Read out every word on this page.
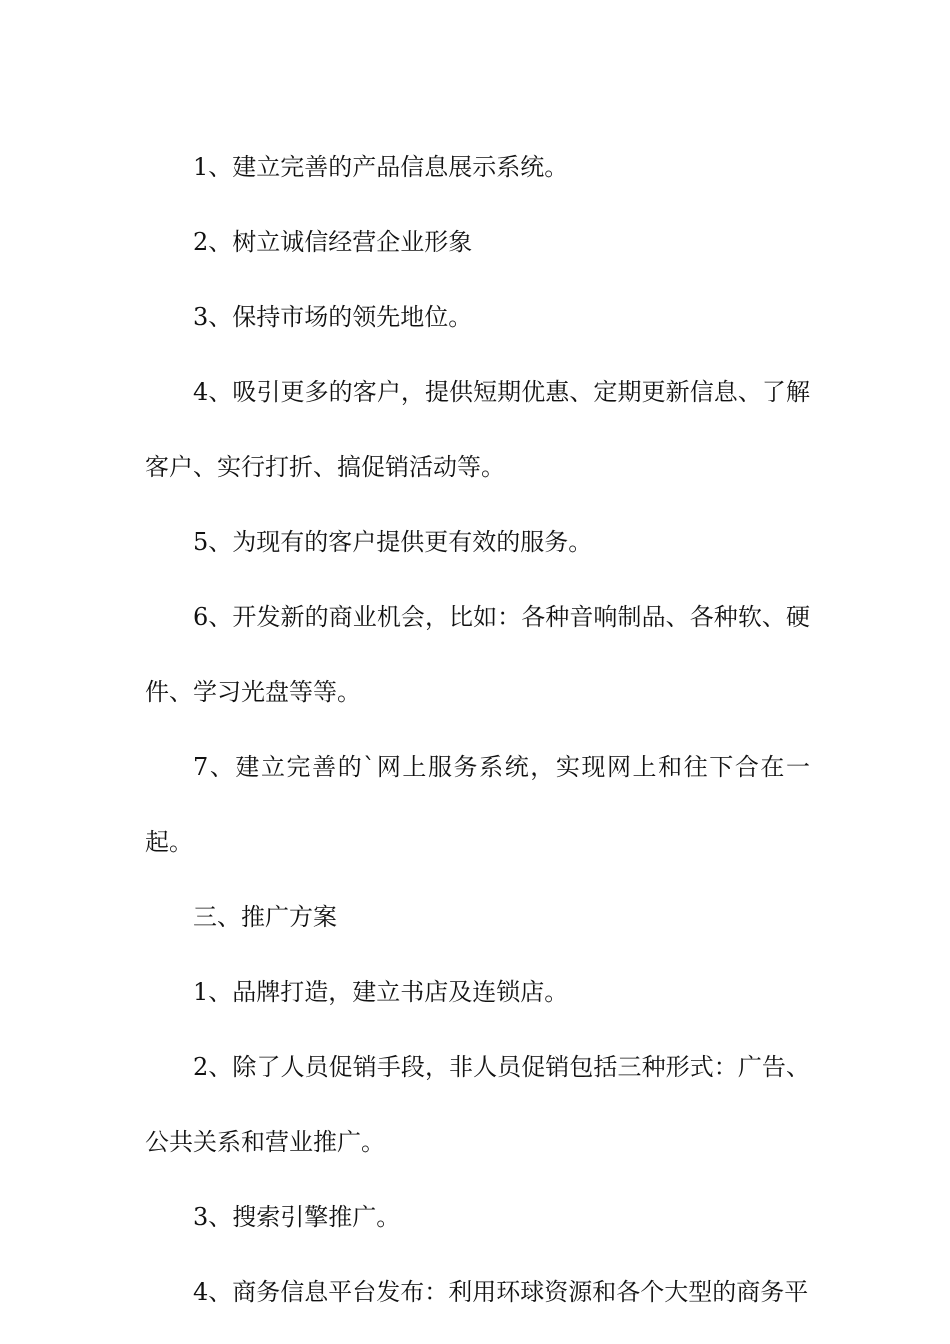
1、建立完善的产品信息展示系统。

2、树立诚信经营企业形象

3、保持市场的领先地位。

4、吸引更多的客户，提供短期优惠、定期更新信息、了解客户、实行打折、搞促销活动等。

5、为现有的客户提供更有效的服务。

6、开发新的商业机会，比如：各种音响制品、各种软、硬件、学习光盘等等。

7、建立完善的`网上服务系统，实现网上和往下合在一起。

三、推广方案

1、品牌打造，建立书店及连锁店。

2、除了人员促销手段，非人员促销包括三种形式：广告、公共关系和营业推广。

3、搜索引擎推广。

4、商务信息平台发布：利用环球资源和各个大型的商务平
